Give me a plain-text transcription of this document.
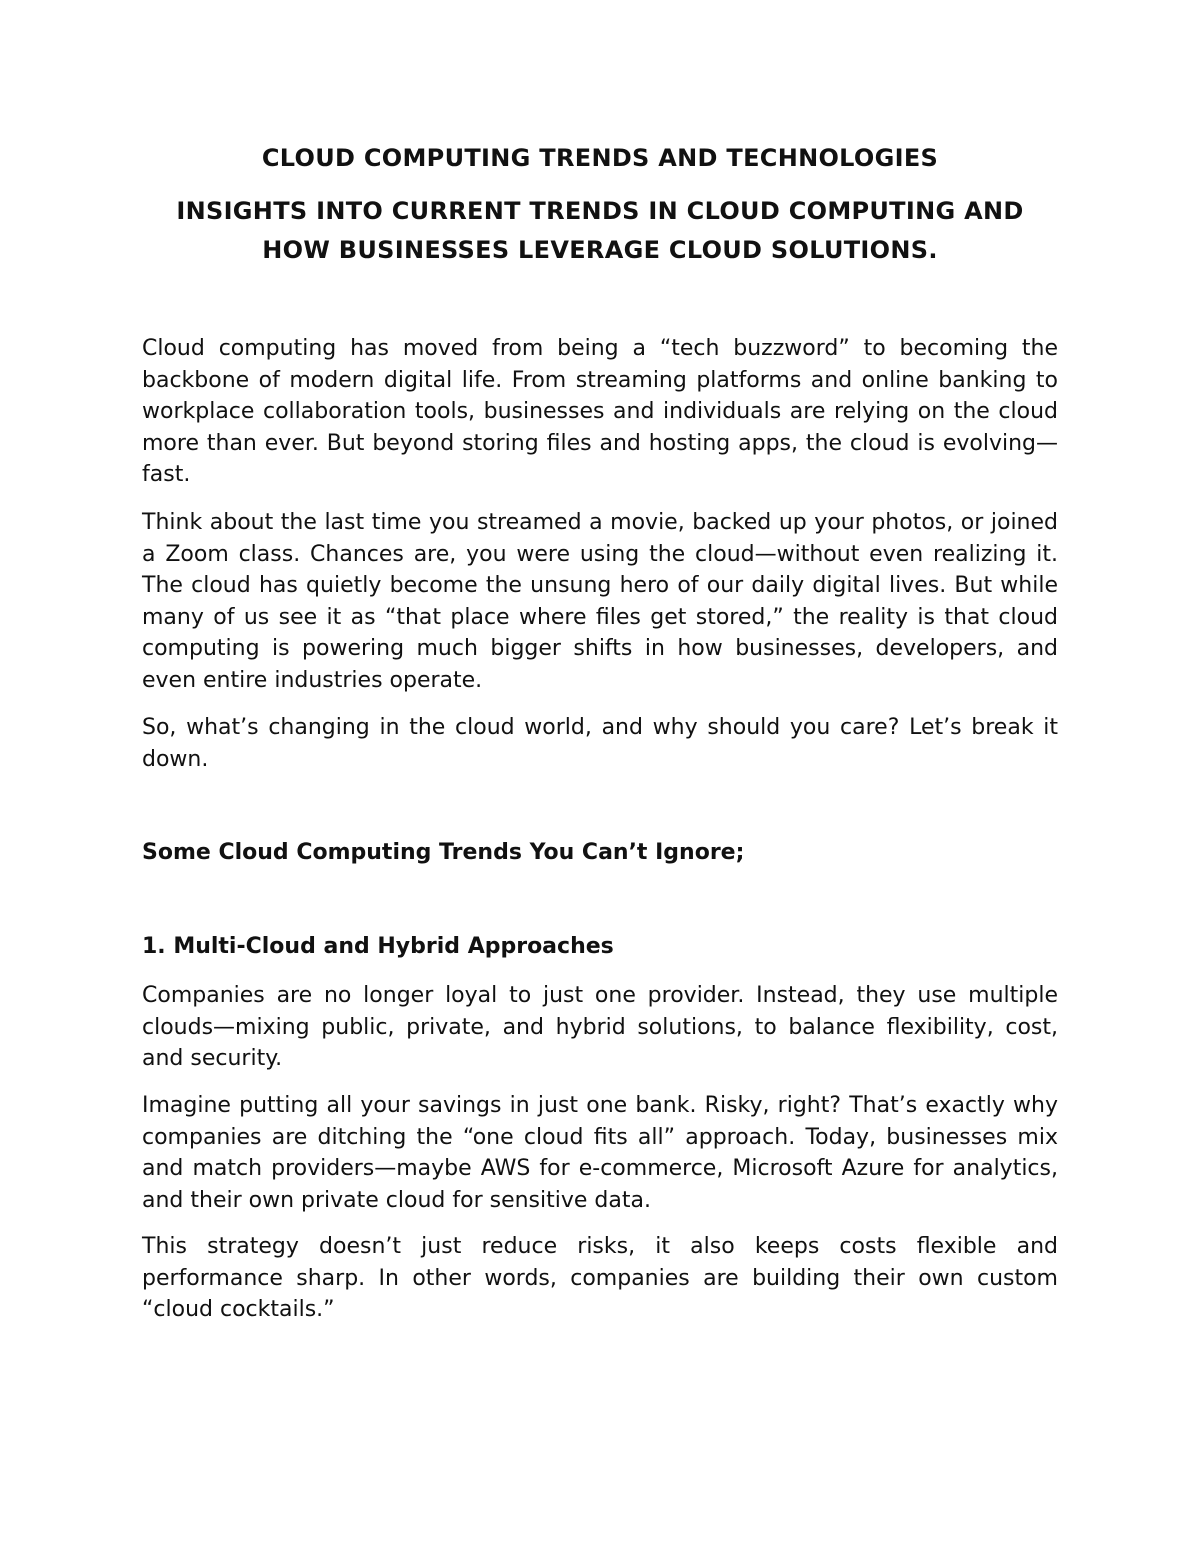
CLOUD COMPUTING TRENDS AND TECHNOLOGIES
INSIGHTS INTO CURRENT TRENDS IN CLOUD COMPUTING AND HOW BUSINESSES LEVERAGE CLOUD SOLUTIONS.

Cloud computing has moved from being a “tech buzzword” to becoming the backbone of modern digital life. From streaming platforms and online banking to workplace collaboration tools, businesses and individuals are relying on the cloud more than ever. But beyond storing files and hosting apps, the cloud is evolving—fast.

Think about the last time you streamed a movie, backed up your photos, or joined a Zoom class. Chances are, you were using the cloud—without even realizing it. The cloud has quietly become the unsung hero of our daily digital lives. But while many of us see it as “that place where files get stored,” the reality is that cloud computing is powering much bigger shifts in how businesses, developers, and even entire industries operate.

So, what’s changing in the cloud world, and why should you care? Let’s break it down.

Some Cloud Computing Trends You Can’t Ignore;
1. Multi-Cloud and Hybrid Approaches

Companies are no longer loyal to just one provider. Instead, they use multiple clouds—mixing public, private, and hybrid solutions, to balance flexibility, cost, and security.

Imagine putting all your savings in just one bank. Risky, right? That’s exactly why companies are ditching the “one cloud fits all” approach. Today, businesses mix and match providers—maybe AWS for e-commerce, Microsoft Azure for analytics, and their own private cloud for sensitive data.

This strategy doesn’t just reduce risks, it also keeps costs flexible and performance sharp. In other words, companies are building their own custom “cloud cocktails.”
